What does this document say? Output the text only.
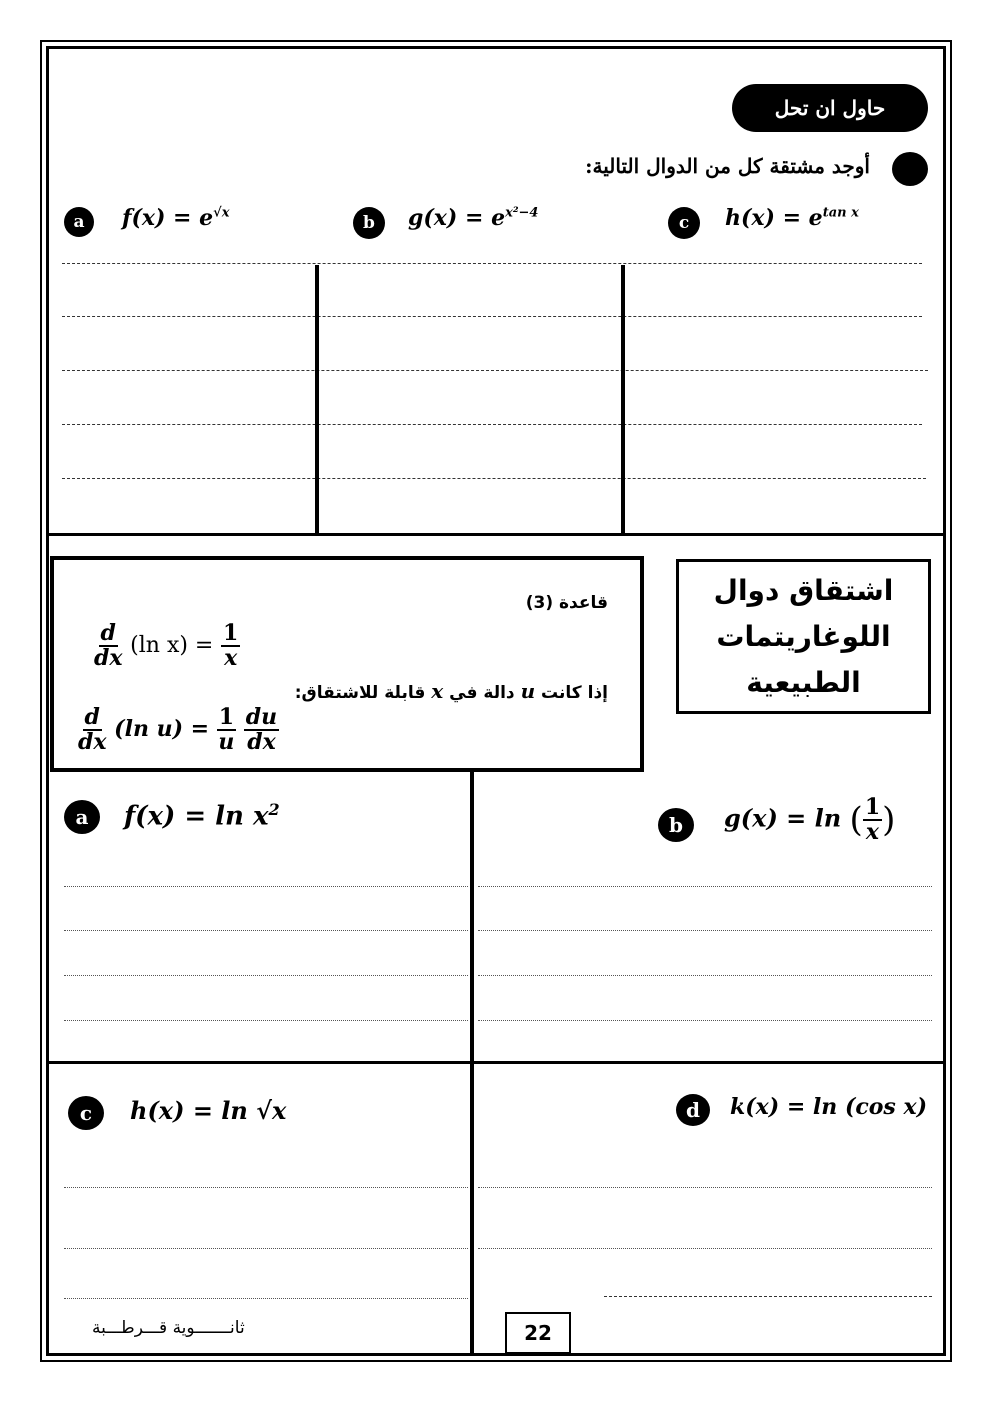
حاول ان تحل
أوجد مشتقة كل من الدوال التالية:
a $f(x) = e^{√x}$	b $g(x) = e^{x^2-4}$	c $h(x) = e^{tan x}$
قاعدة (3)
$\frac{d}{dx} (\ln$ $x) = \frac{1}{x}$
إذا كانت u دالة في x قابلة للاشتقاق:
$\frac{d}{dx} (\ln$ $u) = \frac{1}{u}$
$\frac{du}{dx}$
اشتقاق دوال
اللوغاريتمات
الطبيعية
a $f(x) = \ln x^2$
b g(x) = ln ( $\frac{1}{x}$ )
c h(x) = ln √x	d k(x) = ln (cos x)
ثانـــــــوية قـــرطـــبة	22
